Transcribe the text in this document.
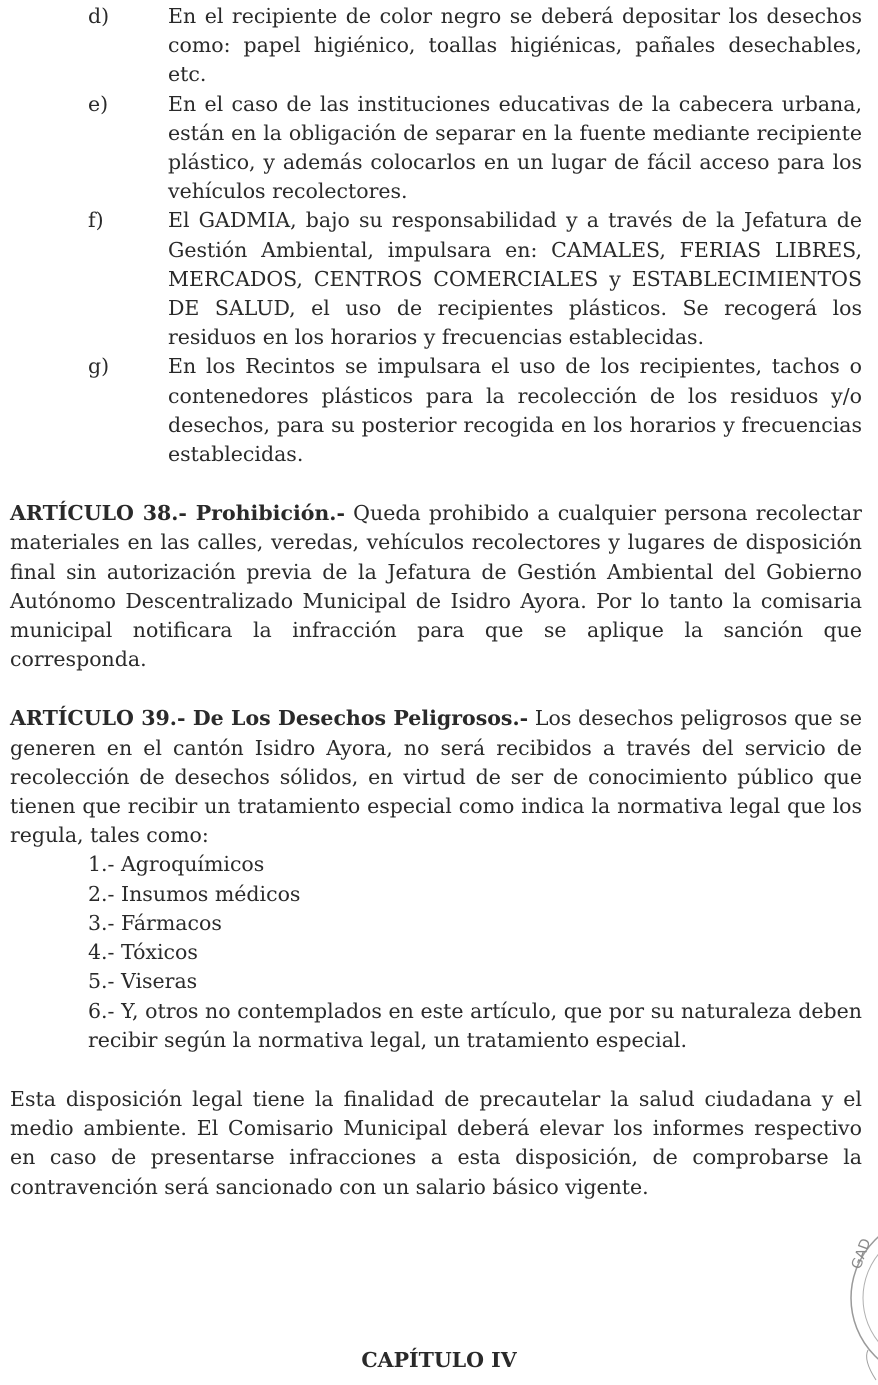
d)	En el recipiente de color negro se deberá depositar los desechos como: papel higiénico, toallas higiénicas, pañales desechables, etc.
e)	En el caso de las instituciones educativas de la cabecera urbana, están en la obligación de separar en la fuente mediante recipiente plástico, y además colocarlos en un lugar de fácil acceso para los vehículos recolectores.
f)	El GADMIA, bajo su responsabilidad y a través de la Jefatura de Gestión Ambiental, impulsara en: CAMALES, FERIAS LIBRES, MERCADOS, CENTROS COMERCIALES y ESTABLECIMIENTOS DE SALUD, el uso de recipientes plásticos. Se recogerá los residuos en los horarios y frecuencias establecidas.
g)	En los Recintos se impulsara el uso de los recipientes, tachos o contenedores plásticos para la recolección de los residuos y/o desechos, para su posterior recogida en los horarios y frecuencias establecidas.

ARTÍCULO 38.- Prohibición.- Queda prohibido a cualquier persona recolectar materiales en las calles, veredas, vehículos recolectores y lugares de disposición final sin autorización previa de la Jefatura de Gestión Ambiental del Gobierno Autónomo Descentralizado Municipal de Isidro Ayora. Por lo tanto la comisaria municipal notificara la infracción para que se aplique la sanción que corresponda.

ARTÍCULO 39.- De Los Desechos Peligrosos.- Los desechos peligrosos que se generen en el cantón Isidro Ayora, no será recibidos a través del servicio de recolección de desechos sólidos, en virtud de ser de conocimiento público que tienen que recibir un tratamiento especial como indica la normativa legal que los regula, tales como:

1.- Agroquímicos
2.- Insumos médicos
3.- Fármacos
4.- Tóxicos
5.- Viseras
6.- Y, otros no contemplados en este artículo, que por su naturaleza deben recibir según la normativa legal, un tratamiento especial.

Esta disposición legal tiene la finalidad de precautelar la salud ciudadana y el medio ambiente. El Comisario Municipal deberá elevar los informes respectivo en caso de presentarse infracciones a esta disposición, de comprobarse la contravención será sancionado con un salario básico vigente.

CAPÍTULO IV
GAD
